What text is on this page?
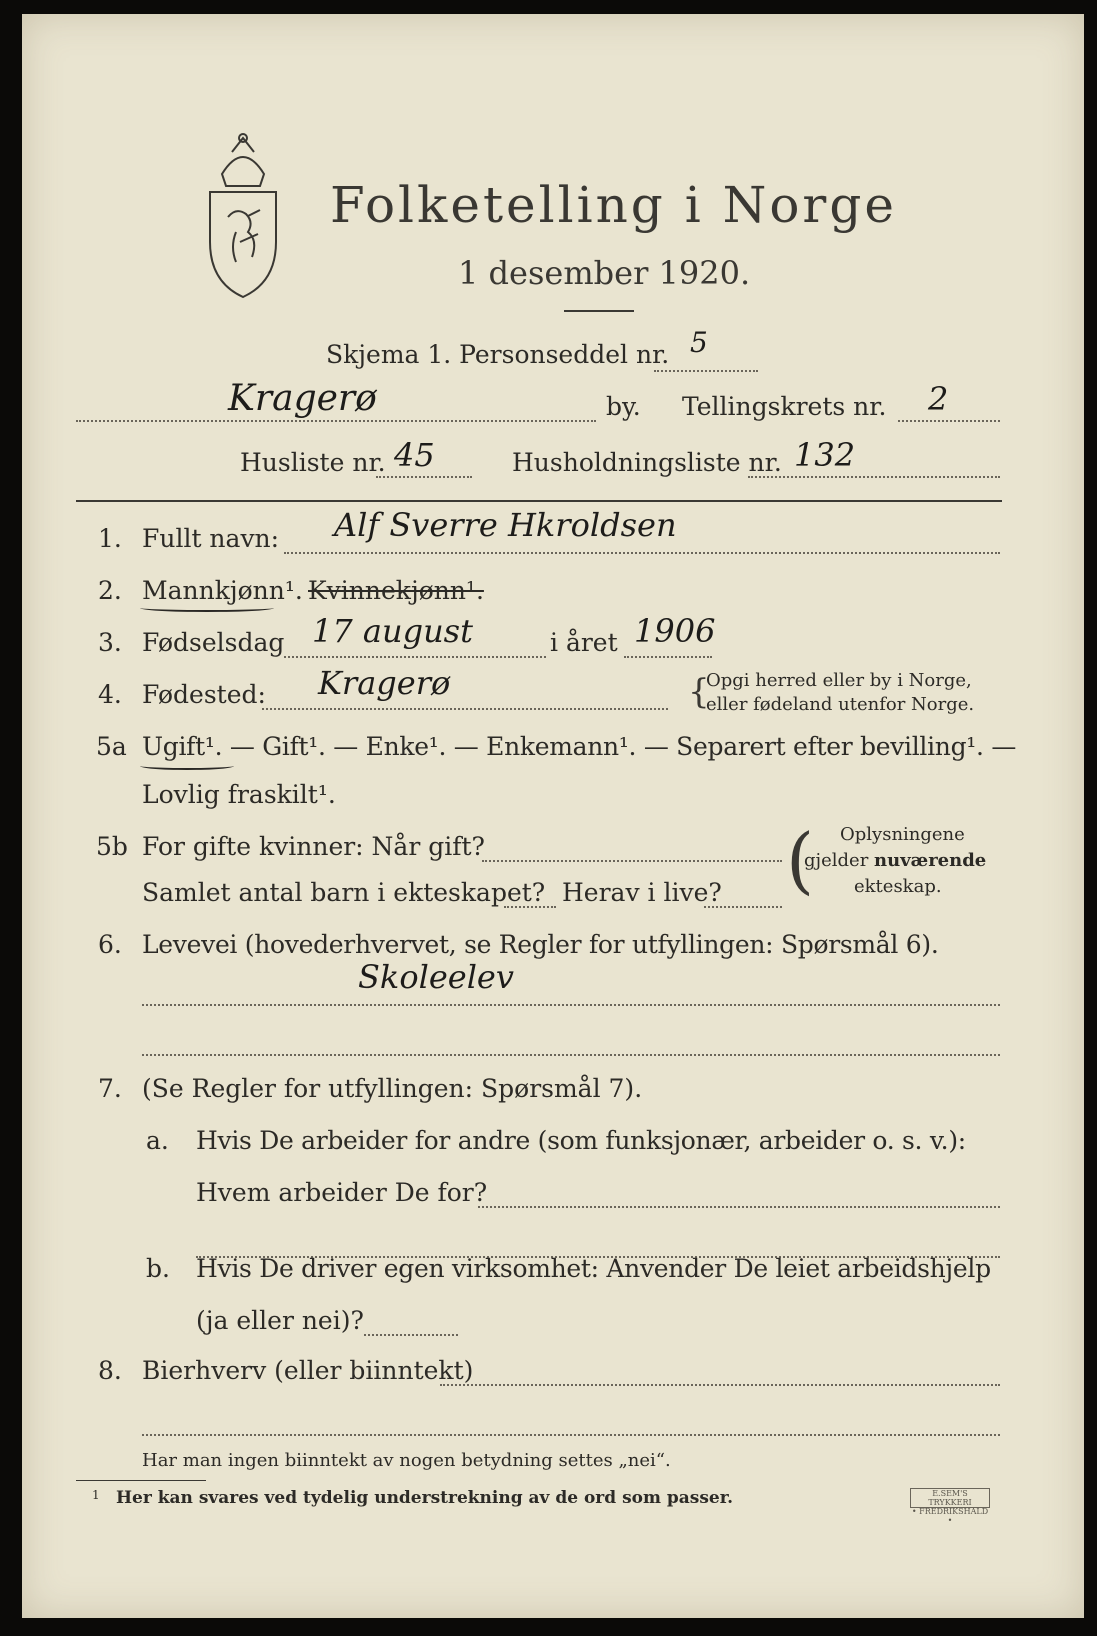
Folketelling i Norge
1 desember 1920.
Skjema 1. Personseddel nr. 5
Kragerø	by. Tellingskrets nr. 2
Husliste nr. 45	Husholdningsliste nr. 132
1. Fullt navn: Alf Sverre Hkroldsen
2. Mannkjønn¹. Kvinnekjønn¹.
3. Fødselsdag 17 august	i året 1906
4. Fødested: Kragerø	{
Opgi herred eller by i Norge,
eller fødeland utenfor Norge.
5a Ugift¹. — Gift¹. — Enke¹. — Enkemann¹. — Separert efter bevilling¹. —
Lovlig fraskilt¹.
5b For gifte kvinner: Når gift?
Samlet antal barn i ekteskapet? Herav i live? ( Oplysningene
gjelder nuværende
ekteskap.
6. Levevei (hovederhvervet, se Regler for utfyllingen: Spørsmål 6).
Skoleelev
7. (Se Regler for utfyllingen: Spørsmål 7).
a. Hvis De arbeider for andre (som funksjonær, arbeider o. s. v.):
Hvem arbeider De for?
b. Hvis De driver egen virksomhet: Anvender De leiet arbeidshjelp
(ja eller nei)?
8. Bierhverv (eller biinntekt)
Har man ingen biinntekt av nogen betydning settes „nei“.
1 Her kan svares ved tydelig understrekning av de ord som passer.	E.SEM'S TRYKKERI
• FREDRIKSHALD •
